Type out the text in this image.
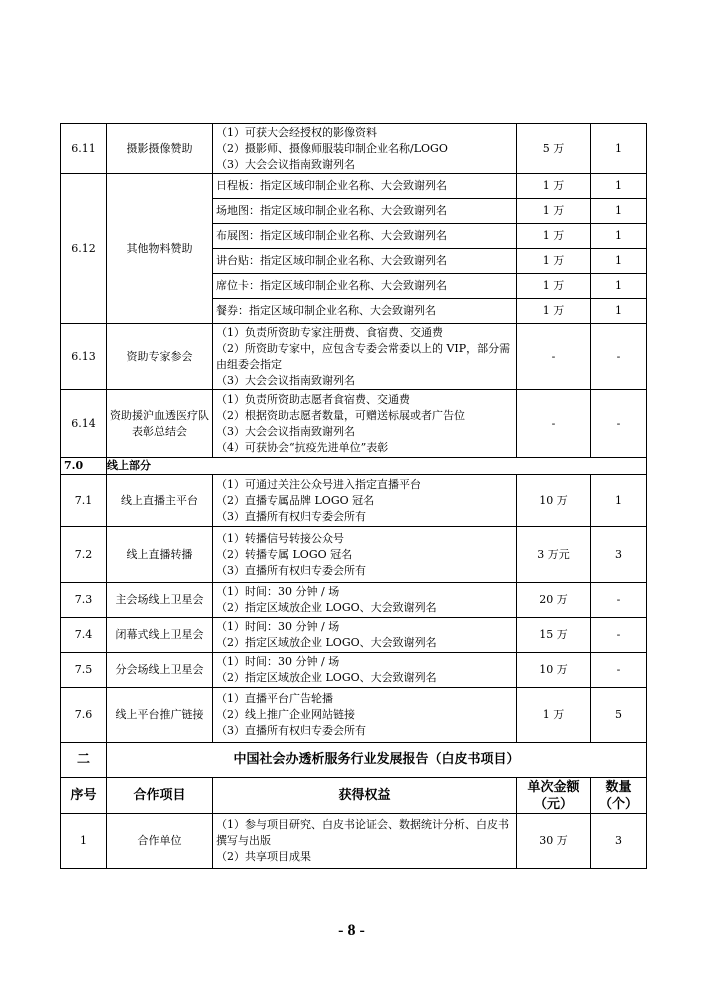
6.11	摄影摄像赞助	（1）可获大会经授权的影像资料
（2）摄影师、摄像师服装印制企业名称/LOGO
（3）大会会议指南致谢列名	5 万	1
6.12	其他物料赞助	日程板：指定区域印制企业名称、大会致谢列名	1 万	1
		场地图：指定区域印制企业名称、大会致谢列名	1 万	1
		布展图：指定区域印制企业名称、大会致谢列名	1 万	1
		讲台贴：指定区域印制企业名称、大会致谢列名	1 万	1
		席位卡：指定区域印制企业名称、大会致谢列名	1 万	1
		餐券：指定区域印制企业名称、大会致谢列名	1 万	1
6.13	资助专家参会	（1）负责所资助专家注册费、食宿费、交通费
（2）所资助专家中，应包含专委会常委以上的 VIP，部分需由组委会指定
（3）大会会议指南致谢列名	-	-
6.14	资助援沪血透医疗队表彰总结会	（1）负责所资助志愿者食宿费、交通费
（2）根据资助志愿者数量，可赠送标展或者广告位
（3）大会会议指南致谢列名
（4）可获协会“抗疫先进单位”表彰	-	-
7.0	线上部分			
7.1	线上直播主平台	（1）可通过关注公众号进入指定直播平台
（2）直播专属品牌 LOGO 冠名
（3）直播所有权归专委会所有	10 万	1
7.2	线上直播转播	（1）转播信号转接公众号
（2）转播专属 LOGO 冠名
（3）直播所有权归专委会所有	3 万元	3
7.3	主会场线上卫星会	（1）时间：30 分钟 / 场
（2）指定区域放企业 LOGO、大会致谢列名	20 万	-
7.4	闭幕式线上卫星会	（1）时间：30 分钟 / 场
（2）指定区域放企业 LOGO、大会致谢列名	15 万	-
7.5	分会场线上卫星会	（1）时间：30 分钟 / 场
（2）指定区域放企业 LOGO、大会致谢列名	10 万	-
7.6	线上平台推广链接	（1）直播平台广告轮播
（2）线上推广企业网站链接
（3）直播所有权归专委会所有	1 万	5
二	中国社会办透析服务行业发展报告（白皮书项目）			
序号	合作项目	获得权益	单次金额（元）	数量（个）
1	合作单位	（1）参与项目研究、白皮书论证会、数据统计分析、白皮书撰写与出版
（2）共享项目成果	30 万	3
- 8 -
